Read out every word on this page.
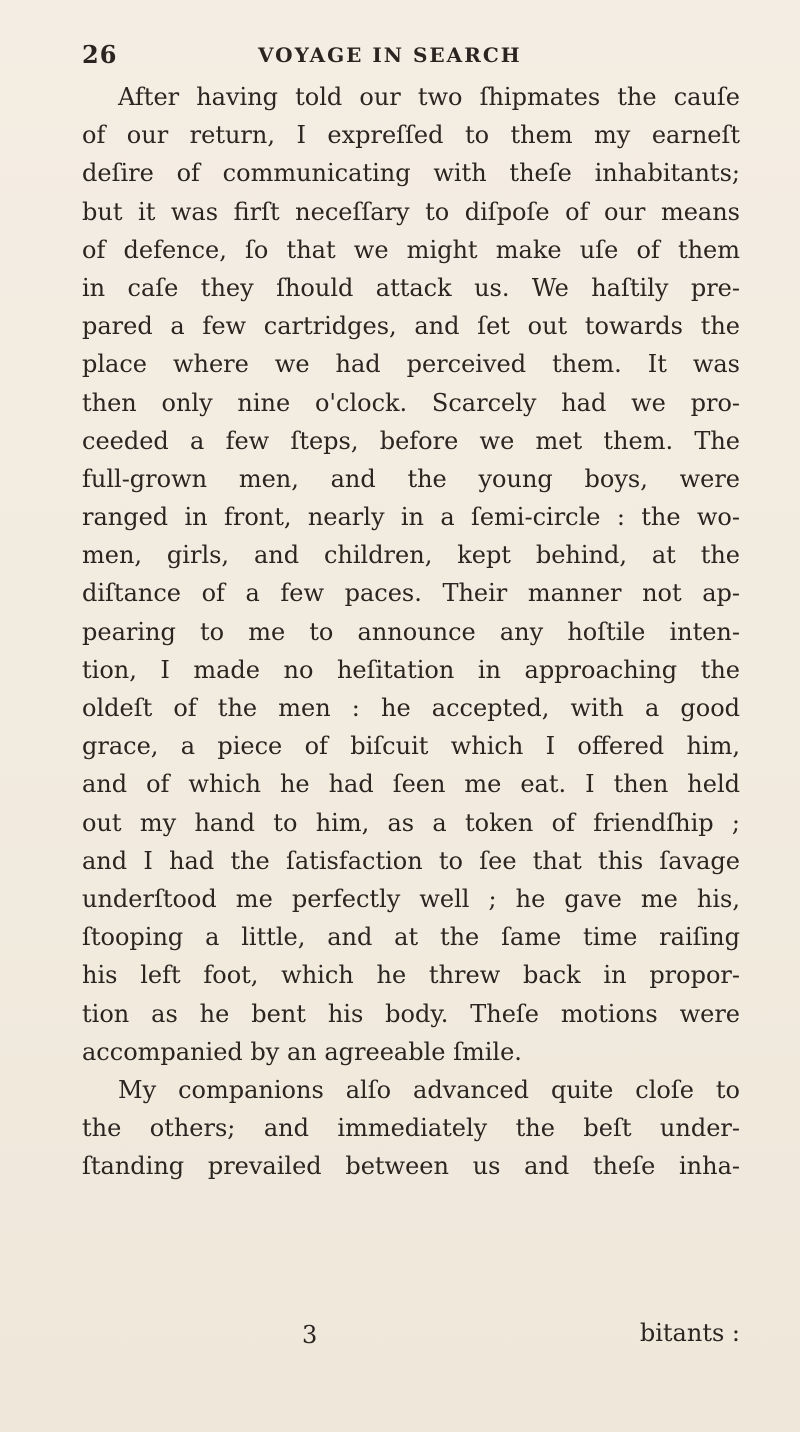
26	VOYAGE IN SEARCH
After having told our two ſhipmates the cauſe
of our return, I expreſſed to them my earneſt
deſire of communicating with theſe inhabitants;
but it was firſt neceſſary to diſpoſe of our means
of defence, ſo that we might make uſe of them
in caſe they ſhould attack us. We haſtily pre-
pared a few cartridges, and ſet out towards the
place where we had perceived them. It was
then only nine o'clock. Scarcely had we pro-
ceeded a few ſteps, before we met them. The
full-grown men, and the young boys, were
ranged in front, nearly in a ſemi-circle : the wo-
men, girls, and children, kept behind, at the
diſtance of a few paces. Their manner not ap-
pearing to me to announce any hoſtile inten-
tion, I made no heſitation in approaching the
oldeſt of the men : he accepted, with a good
grace, a piece of biſcuit which I offered him,
and of which he had ſeen me eat. I then held
out my hand to him, as a token of friendſhip ;
and I had the ſatisfaction to ſee that this ſavage
underſtood me perfectly well ; he gave me his,
ſtooping a little, and at the ſame time raiſing
his left foot, which he threw back in propor-
tion as he bent his body. Theſe motions were
accompanied by an agreeable ſmile.
My companions alſo advanced quite cloſe to
the others; and immediately the beſt under-
ſtanding prevailed between us and theſe inha-
3	bitants :
